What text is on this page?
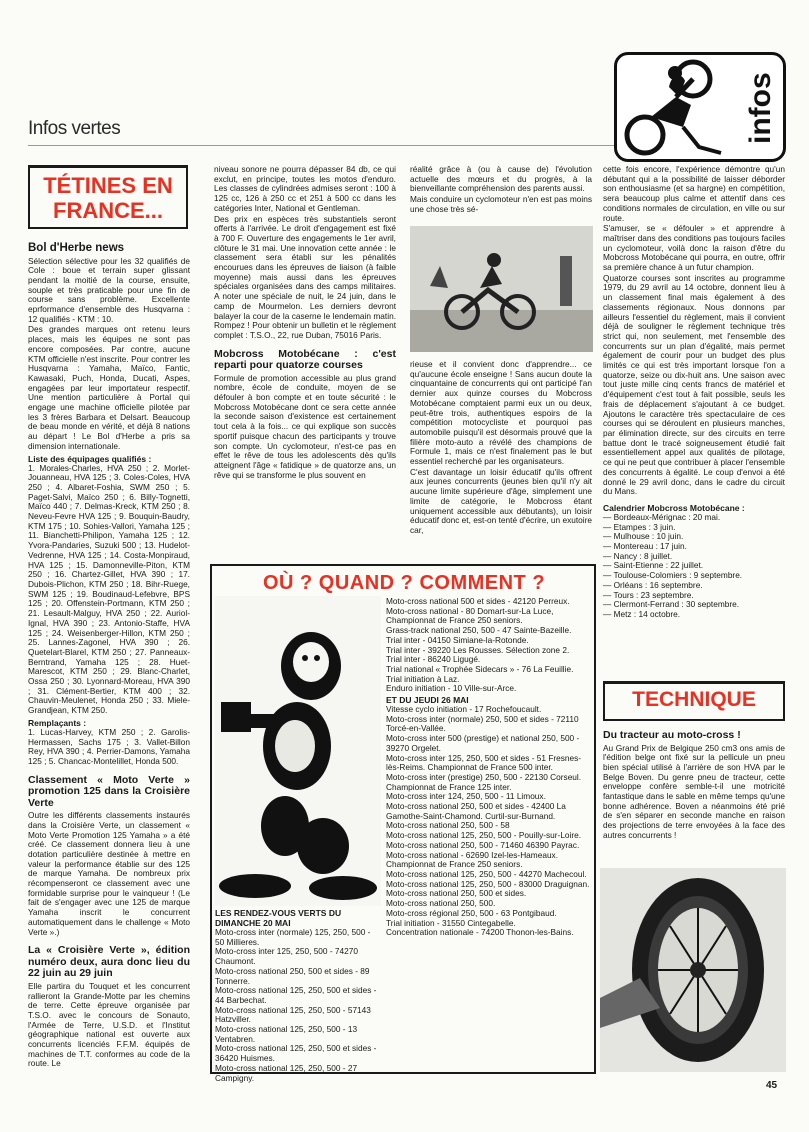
Infos vertes	infos
TÉTINES EN FRANCE...
Bol d'Herbe news

Sélection sélective pour les 32 qualifiés de Cole : boue et terrain super glissant pendant la moitié de la course, ensuite, souple et très praticable pour une fin de course sans problème. Excellente eprformance d'ensemble des Husqvarna : 12 qualifiés - KTM : 10.

Des grandes marques ont retenu leurs places, mais les équipes ne sont pas encore composées. Par contre, aucune KTM officielle n'est inscrite. Pour contrer les Husqvarna : Yamaha, Maïco, Fantic, Kawasaki, Puch, Honda, Ducati, Aspes, engagées par leur importateur respectif. Une mention particulière à Portal qui engage une machine officielle pilotée par les 3 frères Barbara et Delsart. Beaucoup de beau monde en vérité, et déjà 8 nations au départ ! Le Bol d'Herbe a pris sa dimension internationale.

Liste des équipages qualifiés :

1. Morales-Charles, HVA 250 ; 2. Morlet-Jouanneau, HVA 125 ; 3. Coles-Coles, HVA 250 ; 4. Albaret-Foshia, SWM 250 ; 5. Paget-Salvi, Maïco 250 ; 6. Billy-Tognetti, Maïco 440 ; 7. Delmas-Kreck, KTM 250 ; 8. Neveu-Fevre HVA 125 ; 9. Bouquin-Baudry, KTM 175 ; 10. Sohies-Vallori, Yamaha 125 ; 11. Bianchetti-Philipon, Yamaha 125 ; 12. Yvora-Pandaries, Suzuki 500 ; 13. Hudelot-Vedrenne, HVA 125 ; 14. Costa-Monpiraud, HVA 125 ; 15. Damonneville-Piton, KTM 250 ; 16. Chartez-Gillet, HVA 390 ; 17. Dubois-Plichon, KTM 250 ; 18. Bihr-Ruege, SWM 125 ; 19. Boudinaud-Lefebvre, BPS 125 ; 20. Offenstein-Portmann, KTM 250 ; 21. Lesault-Malguy, HVA 250 ; 22. Auriol-Ignal, HVA 390 ; 23. Antonio-Staffe, HVA 125 ; 24. Weisenberger-Hillon, KTM 250 ; 25. Lannes-Zagonel, HVA 390 ; 26. Quetelart-Blarel, KTM 250 ; 27. Panneaux-Berntrand, Yamaha 125 ; 28. Huet-Marescot, KTM 250 ; 29. Blanc-Charlet, Ossa 250 ; 30. Lyonnard-Moreau, HVA 390 ; 31. Clément-Bertier, KTM 400 ; 32. Chauvin-Meulenet, Honda 250 ; 33. Miele-Grandjean, KTM 250.

Remplaçants :

1. Lucas-Harvey, KTM 250 ; 2. Garolis-Hermassen, Sachs 175 ; 3. Vallet-Billon Rey, HVA 390 ; 4. Perrier-Damons, Yamaha 125 ; 5. Chancac-Montelillet, Honda 500.

Classement « Moto Verte » promotion 125 dans la Croisière Verte

Outre les différents classements instaurés dans la Croisière Verte, un classement « Moto Verte Promotion 125 Yamaha » a été créé. Ce classement donnera lieu à une dotation particulière destinée à mettre en valeur la performance établie sur des 125 de marque Yamaha. De nombreux prix récompenseront ce classement avec une formidable surprise pour le vainqueur ! (Le fait de s'engager avec une 125 de marque Yamaha inscrit le concurrent automatiquement dans le challenge « Moto Verte ».)

La « Croisière Verte », édition numéro deux, aura donc lieu du 22 juin au 29 juin

Elle partira du Touquet et les concurrent rallieront la Grande-Motte par les chemins de terre. Cette épreuve organisée par T.S.O. avec le concours de Sonauto, l'Armée de Terre, U.S.D. et l'Institut géographique national est ouverte aux concurrents licenciés F.F.M. équipés de machines de T.T. conformes au code de la route. Le

niveau sonore ne pourra dépasser 84 db, ce qui exclut, en principe, toutes les motos d'enduro. Les classes de cylindrées admises seront : 100 à 125 cc, 126 à 250 cc et 251 à 500 cc dans les catégories Inter, National et Gentleman.

Des prix en espèces très substantiels seront offerts à l'arrivée. Le droit d'engagement est fixé à 700 F. Ouverture des engagements le 1er avril, clôture le 31 mai. Une innovation cette année : le classement sera établi sur les pénalités encourues dans les épreuves de liaison (à faible moyenne) mais aussi dans les épreuves spéciales organisées dans des camps militaires. A noter une spéciale de nuit, le 24 juin, dans le camp de Mourmelon. Les derniers devront balayer la cour de la caserne le lendemain matin. Rompez ! Pour obtenir un bulletin et le règlement complet : T.S.O., 22, rue Duban, 75016 Paris.

Mobcross Motobécane : c'est reparti pour quatorze courses

Formule de promotion accessible au plus grand nombre, école de conduite, moyen de se défouler à bon compte et en toute sécurité : le Mobcross Motobécane dont ce sera cette année la seconde saison d'existence est certainement tout cela à la fois... ce qui explique son succès sportif puisque chacun des participants y trouve son compte. Un cyclomoteur, n'est-ce pas en effet le rêve de tous les adolescents dès qu'ils atteignent l'âge « fatidique » de quatorze ans, un rêve qui se transforme le plus souvent en

réalité grâce à (ou à cause de) l'évolution actuelle des mœurs et du progrès, à la bienveillante compréhension des parents aussi.

Mais conduire un cyclomoteur n'en est pas moins une chose très sé-

rieuse et il convient donc d'apprendre... ce qu'aucune école enseigne ! Sans aucun doute la cinquantaine de concurrents qui ont participé l'an dernier aux quinze courses du Mobcross Motobécane comptaient parmi eux un ou deux, peut-être trois, authentiques espoirs de la compétition motocycliste et pourquoi pas automobile puisqu'il est désormais prouvé que la filière moto-auto a révélé des champions de Formule 1, mais ce n'est finalement pas le but essentiel recherché par les organisateurs.

C'est davantage un loisir éducatif qu'ils offrent aux jeunes concurrents (jeunes bien qu'il n'y ait aucune limite supérieure d'âge, simplement une limite de catégorie, le Mobcross étant uniquement accessible aux débutants), un loisir éducatif donc et, est-on tenté d'écrire, un exutoire car,

cette fois encore, l'expérience démontre qu'un débutant qui a la possibilité de laisser déborder son enthousiasme (et sa hargne) en compétition, sera beaucoup plus calme et attentif dans ces conditions normales de circulation, en ville ou sur route.

S'amuser, se « défouler » et apprendre à maîtriser dans des conditions pas toujours faciles un cyclomoteur, voilà donc la raison d'être du Mobcross Motobécane qui pourra, en outre, offrir sa première chance à un futur champion.

Quatorze courses sont inscrites au programme 1979, du 29 avril au 14 octobre, donnent lieu à un classement final mais également à des classements régionaux. Nous donnons par ailleurs l'essentiel du règlement, mais il convient déjà de souligner le règlement technique très strict qui, non seulement, met l'ensemble des concurrents sur un plan d'égalité, mais permet également de courir pour un budget des plus limités ce qui est très important lorsque l'on a quatorze, seize ou dix-huit ans. Une saison avec tout juste mille cinq cents francs de matériel et d'équipement c'est tout à fait possible, seuls les frais de déplacement s'ajoutant à ce budget. Ajoutons le caractère très spectaculaire de ces courses qui se déroulent en plusieurs manches, par élimination directe, sur des circuits en terre battue dont le tracé soigneusement étudié fait essentiellement appel aux qualités de pilotage, ce qui ne peut que contribuer à placer l'ensemble des concurrents à égalité. Le coup d'envoi a été donné le 29 avril donc, dans le cadre du circuit du Mans.

Calendrier Mobcross Motobécane :
— Bordeaux-Mérignac : 20 mai.
— Etampes : 3 juin.
— Mulhouse : 10 juin.
— Montereau : 17 juin.
— Nancy : 8 juillet.
— Saint-Etienne : 22 juillet.
— Toulouse-Colomiers : 9 septembre.
— Orléans : 16 septembre.
— Tours : 23 septembre.
— Clermont-Ferrand : 30 septembre.
— Metz : 14 octobre.
TECHNIQUE
Du tracteur au moto-cross !

Au Grand Prix de Belgique 250 cm3 ons amis de l'édition belge ont fixé sur la pellicule un pneu bien spécial utilisé à l'arrière de son HVA par le Belge Boven. Du genre pneu de tracteur, cette enveloppe confère semble-t-il une motricité fantastique dans le sable en même temps qu'une bonne adhérence. Boven a néanmoins été prié de s'en séparer en seconde manche en raison des projections de terre envoyées à la face des autres concurrents !

OÙ ? QUAND ? COMMENT ?
LES RENDEZ-VOUS VERTS DU DIMANCHE 20 MAI

Moto-cross inter (normale) 125, 250, 500 - 50 Millieres.
Moto-cross inter 125, 250, 500 - 74270 Chaumont.
Moto-cross national 250, 500 et sides - 89 Tonnerre.
Moto-cross national 125, 250, 500 et sides - 44 Barbechat.
Moto-cross national 125, 250, 500 - 57143 Hatzviller.
Moto-cross national 125, 250, 500 - 13 Ventabren.
Moto-cross national 125, 250, 500 et sides - 36420 Huismes.
Moto-cross national 125, 250, 500 - 27 Campigny.

Moto-cross national 500 et sides - 42120 Perreux.
Moto-cross national - 80 Domart-sur-La Luce, Championnat de France 250 seniors.
Grass-track national 250, 500 - 47 Sainte-Bazeille.
Trial inter - 04150 Simiane-la-Rotonde.
Trial inter - 39220 Les Rousses. Sélection zone 2.
Trial inter - 86240 Ligugé.
Trial national « Trophée Sidecars » - 76 La Feuillie.
Trial initiation à Laz.
Enduro initiation - 10 Ville-sur-Arce.

ET DU JEUDI 26 MAI

Vitesse cyclo initiation - 17 Rochefoucault.
Moto-cross inter (normale) 250, 500 et sides - 72110 Torcé-en-Vallée.
Moto-cross inter 500 (prestige) et national 250, 500 - 39270 Orgelet.
Moto-cross inter 125, 250, 500 et sides - 51 Fresnes-lès-Reims. Championnat de France 500 inter.
Moto-cross inter (prestige) 250, 500 - 22130 Corseul. Championnat de France 125 inter.
Moto-cross inter 124, 250, 500 - 11 Limoux.
Moto-cross national 250, 500 et sides - 42400 La Gamothe-Saint-Chamond. Curtil-sur-Burnand.
Moto-cross national 250, 500 - 58
Moto-cross national 125, 250, 500 - Pouilly-sur-Loire.
Moto-cross national 250, 500 - 71460 46390 Payrac.
Moto-cross national - 62690 Izel-les-Hameaux. Championnat de France 250 seniors.
Moto-cross national 125, 250, 500 - 44270 Machecoul.
Moto-cross national 125, 250, 500 - 83000 Draguignan.
Moto-cross national 250, 500 et sides.
Moto-cross national 250, 500.
Moto-cross régional 250, 500 - 63 Pontgibaud.
Trial initiation - 31550 Cintegabelle.
Concentration nationale - 74200 Thonon-les-Bains.

45
